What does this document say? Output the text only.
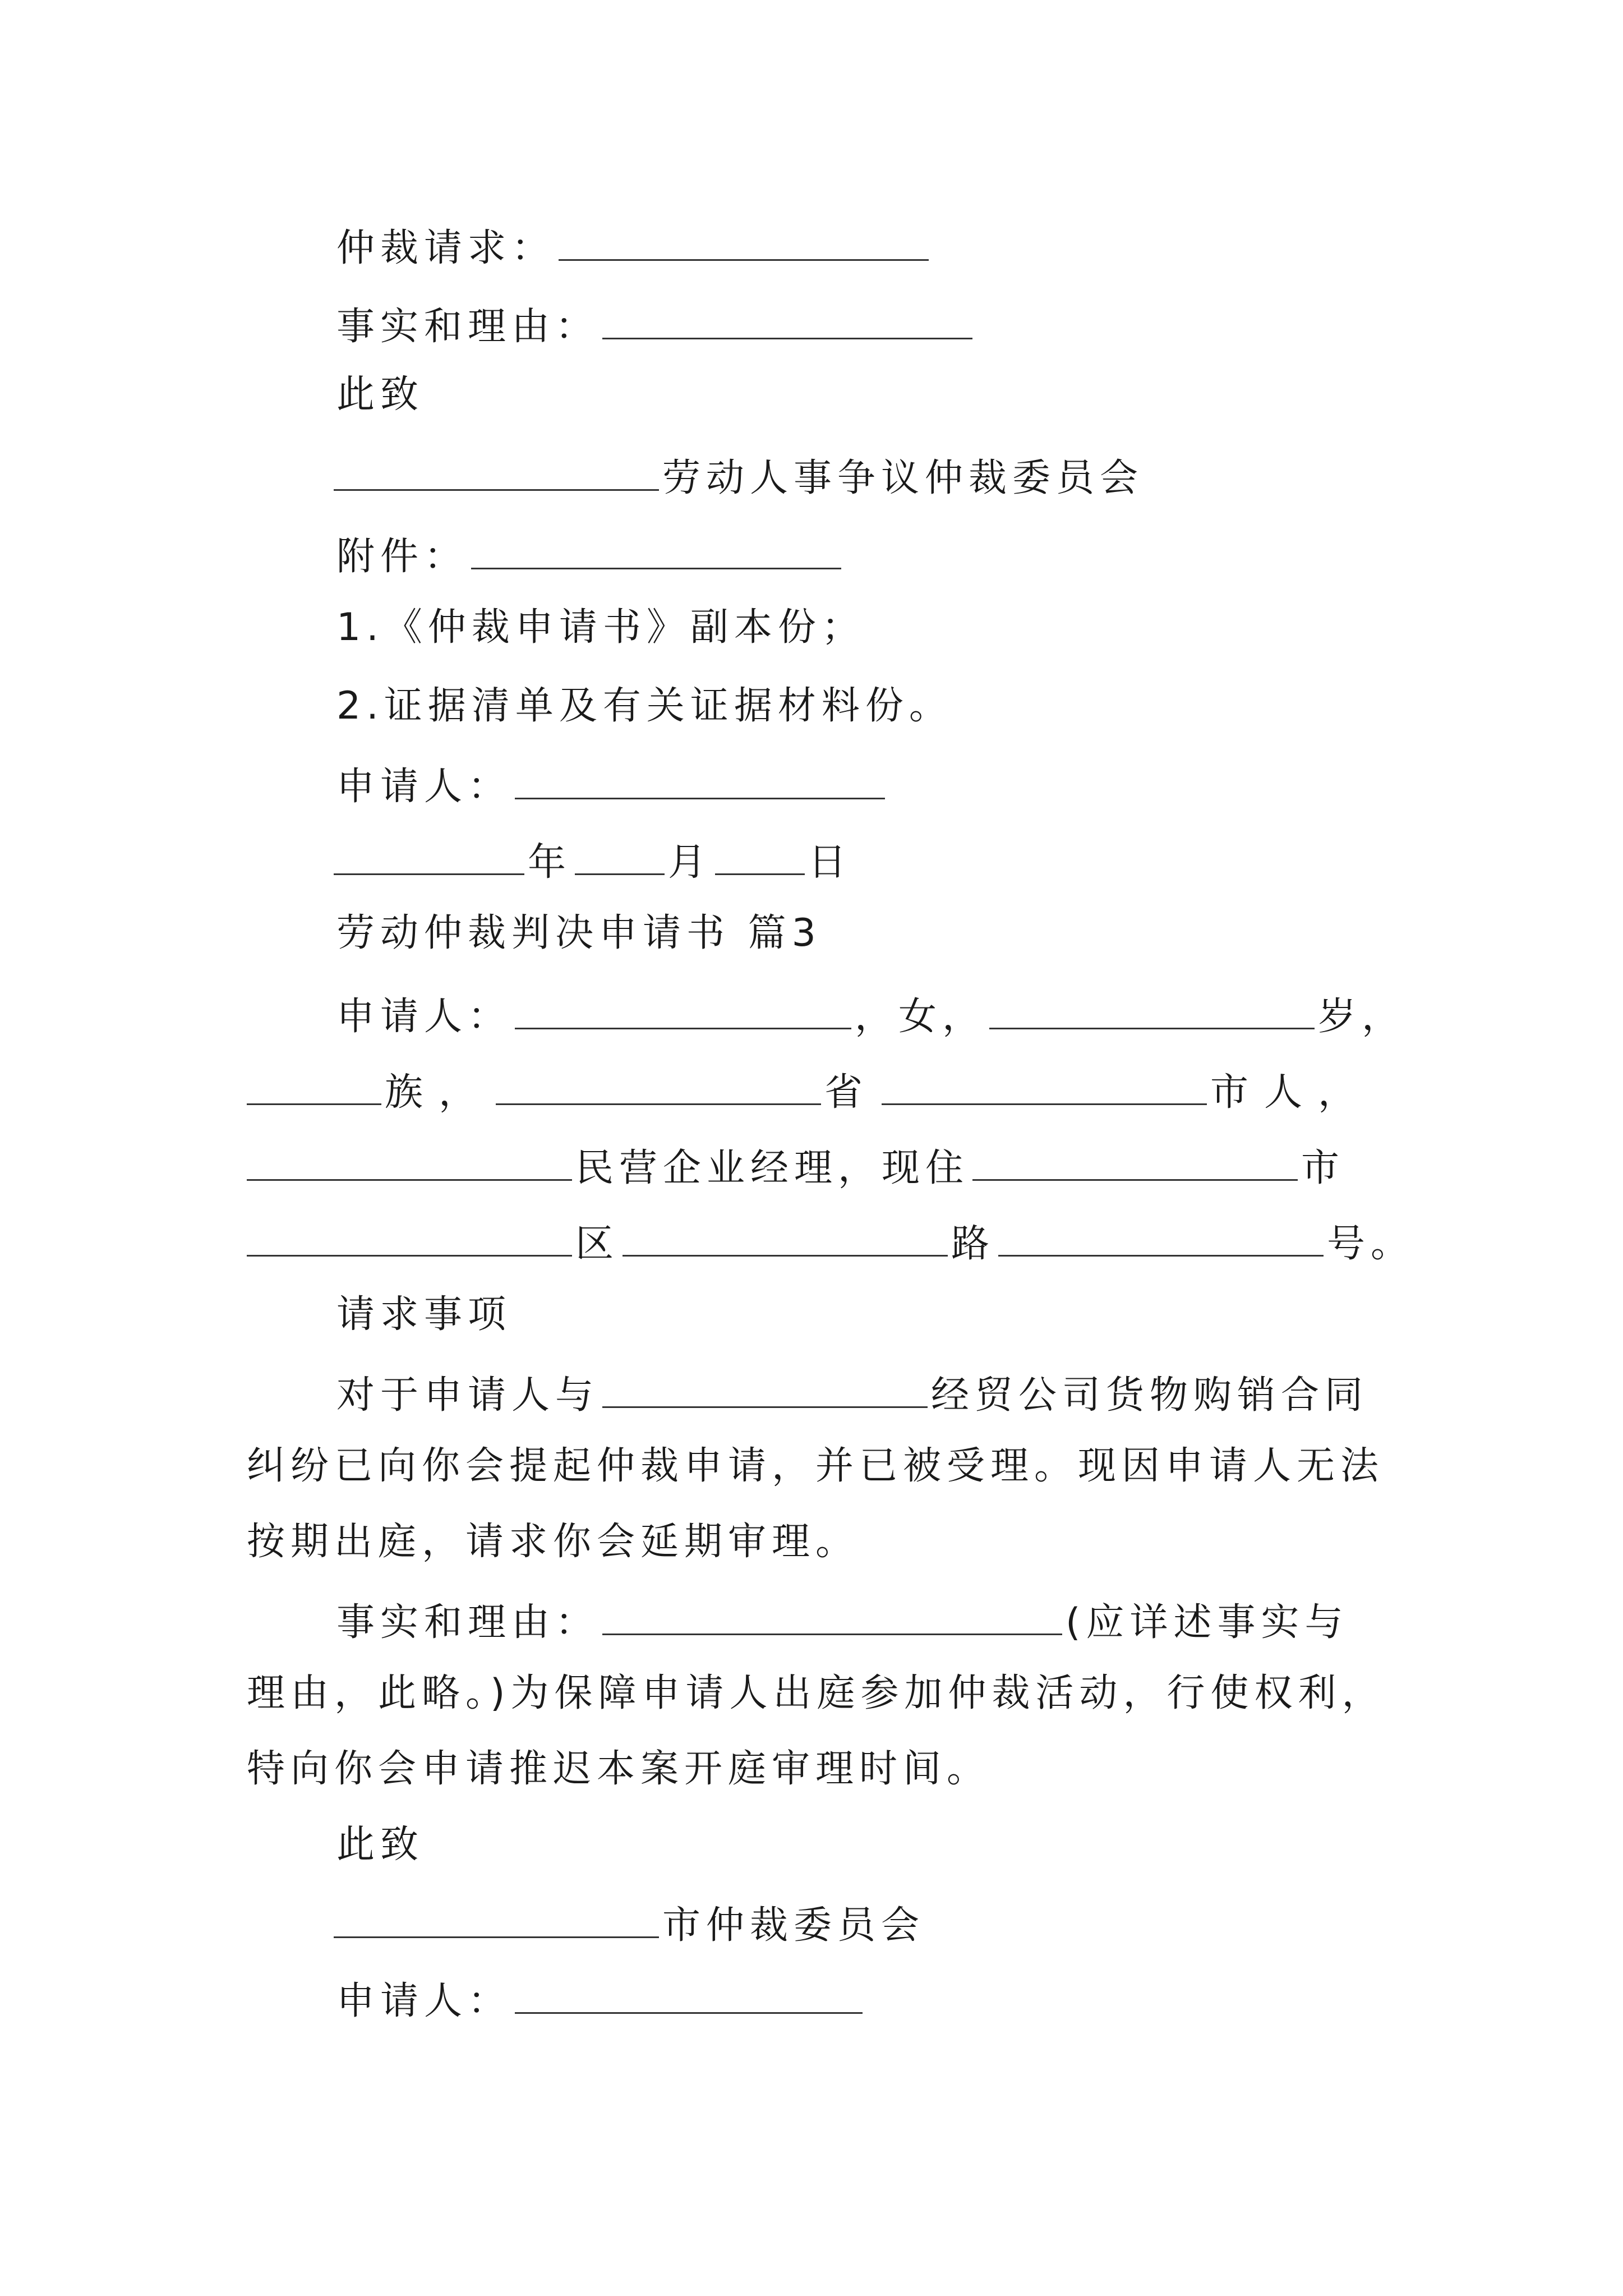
仲裁请求：
事实和理由：
此致
劳动人事争议仲裁委员会
附件：
1.《仲裁申请书》副本份；
2.证据清单及有关证据材料份。
申请人：
年	月	日
劳动仲裁判决申请书 篇3
申请人：	，女，	岁，
族，	省	市人，
民营企业经理，现住	市
区	路	号。
请求事项
对于申请人与	经贸公司货物购销合同
纠纷已向你会提起仲裁申请，并已被受理。现因申请人无法
按期出庭，请求你会延期审理。
事实和理由：	(应详述事实与
理由，此略。)为保障申请人出庭参加仲裁活动，行使权利，
特向你会申请推迟本案开庭审理时间。
此致
市仲裁委员会
申请人：
